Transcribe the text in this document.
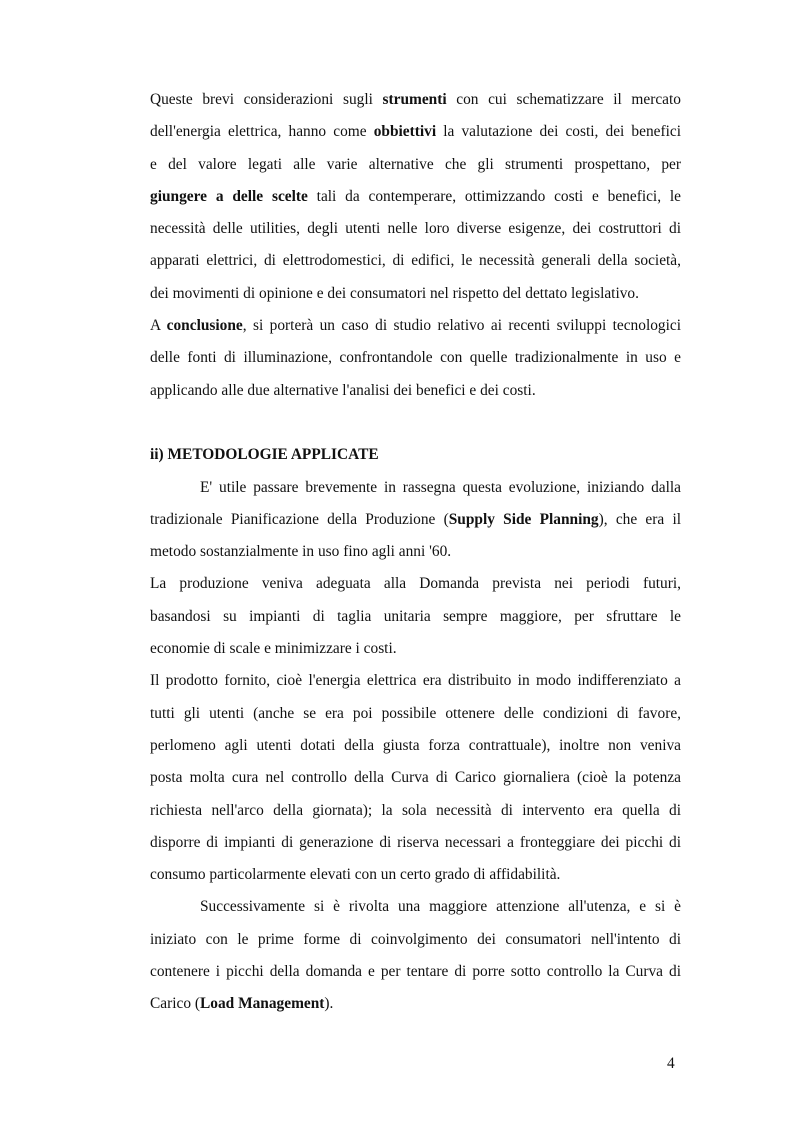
Queste brevi considerazioni sugli strumenti con cui schematizzare il mercato
dell'energia elettrica, hanno come obbiettivi la valutazione dei costi, dei benefici
e del valore legati alle varie alternative che gli strumenti prospettano, per
giungere a delle scelte tali da contemperare, ottimizzando costi e benefici, le
necessità delle utilities, degli utenti nelle loro diverse esigenze, dei costruttori di
apparati elettrici, di elettrodomestici, di edifici, le necessità generali della società,
dei movimenti di opinione e dei consumatori nel rispetto del dettato legislativo.
A conclusione, si porterà un caso di studio relativo ai recenti sviluppi tecnologici
delle fonti di illuminazione, confrontandole con quelle tradizionalmente in uso e
applicando alle due alternative l'analisi dei benefici e dei costi.
ii) METODOLOGIE APPLICATE
E' utile passare brevemente in rassegna questa evoluzione, iniziando dalla
tradizionale Pianificazione della Produzione (Supply Side Planning), che era il
metodo sostanzialmente in uso fino agli anni '60.
La produzione veniva adeguata alla Domanda prevista nei periodi futuri,
basandosi su impianti di taglia unitaria sempre maggiore, per sfruttare le
economie di scale e minimizzare i costi.
Il prodotto fornito, cioè l'energia elettrica era distribuito in modo indifferenziato a
tutti gli utenti (anche se era poi possibile ottenere delle condizioni di favore,
perlomeno agli utenti dotati della giusta forza contrattuale), inoltre non veniva
posta molta cura nel controllo della Curva di Carico giornaliera (cioè la potenza
richiesta nell'arco della giornata); la sola necessità di intervento era quella di
disporre di impianti di generazione di riserva necessari a fronteggiare dei picchi di
consumo particolarmente elevati con un certo grado di affidabilità.
Successivamente si è rivolta una maggiore attenzione all'utenza, e si è
iniziato con le prime forme di coinvolgimento dei consumatori nell'intento di
contenere i picchi della domanda e per tentare di porre sotto controllo la Curva di
Carico (Load Management).
4
